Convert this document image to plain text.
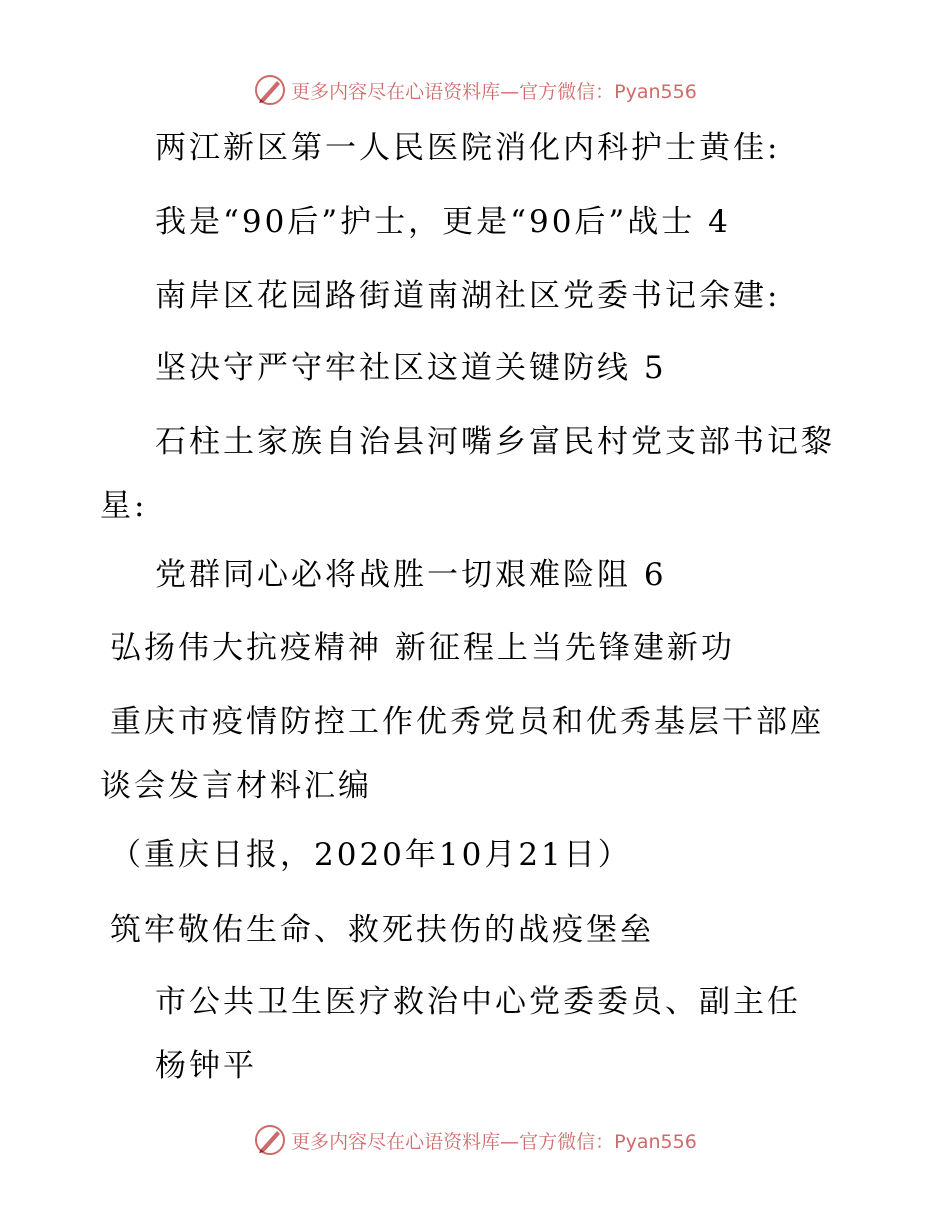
更多内容尽在心语资料库—官方微信：Pyan556
两江新区第一人民医院消化内科护士黄佳:
我是“90后”护士，更是“90后”战士 4
南岸区花园路街道南湖社区党委书记余建:
坚决守严守牢社区这道关键防线 5
石柱土家族自治县河嘴乡富民村党支部书记黎星:
党群同心必将战胜一切艰难险阻 6
弘扬伟大抗疫精神 新征程上当先锋建新功
重庆市疫情防控工作优秀党员和优秀基层干部座谈会发言材料汇编
（重庆日报，2020年10月21日）
筑牢敬佑生命、救死扶伤的战疫堡垒
市公共卫生医疗救治中心党委委员、副主任杨钟平
更多内容尽在心语资料库—官方微信：Pyan556
